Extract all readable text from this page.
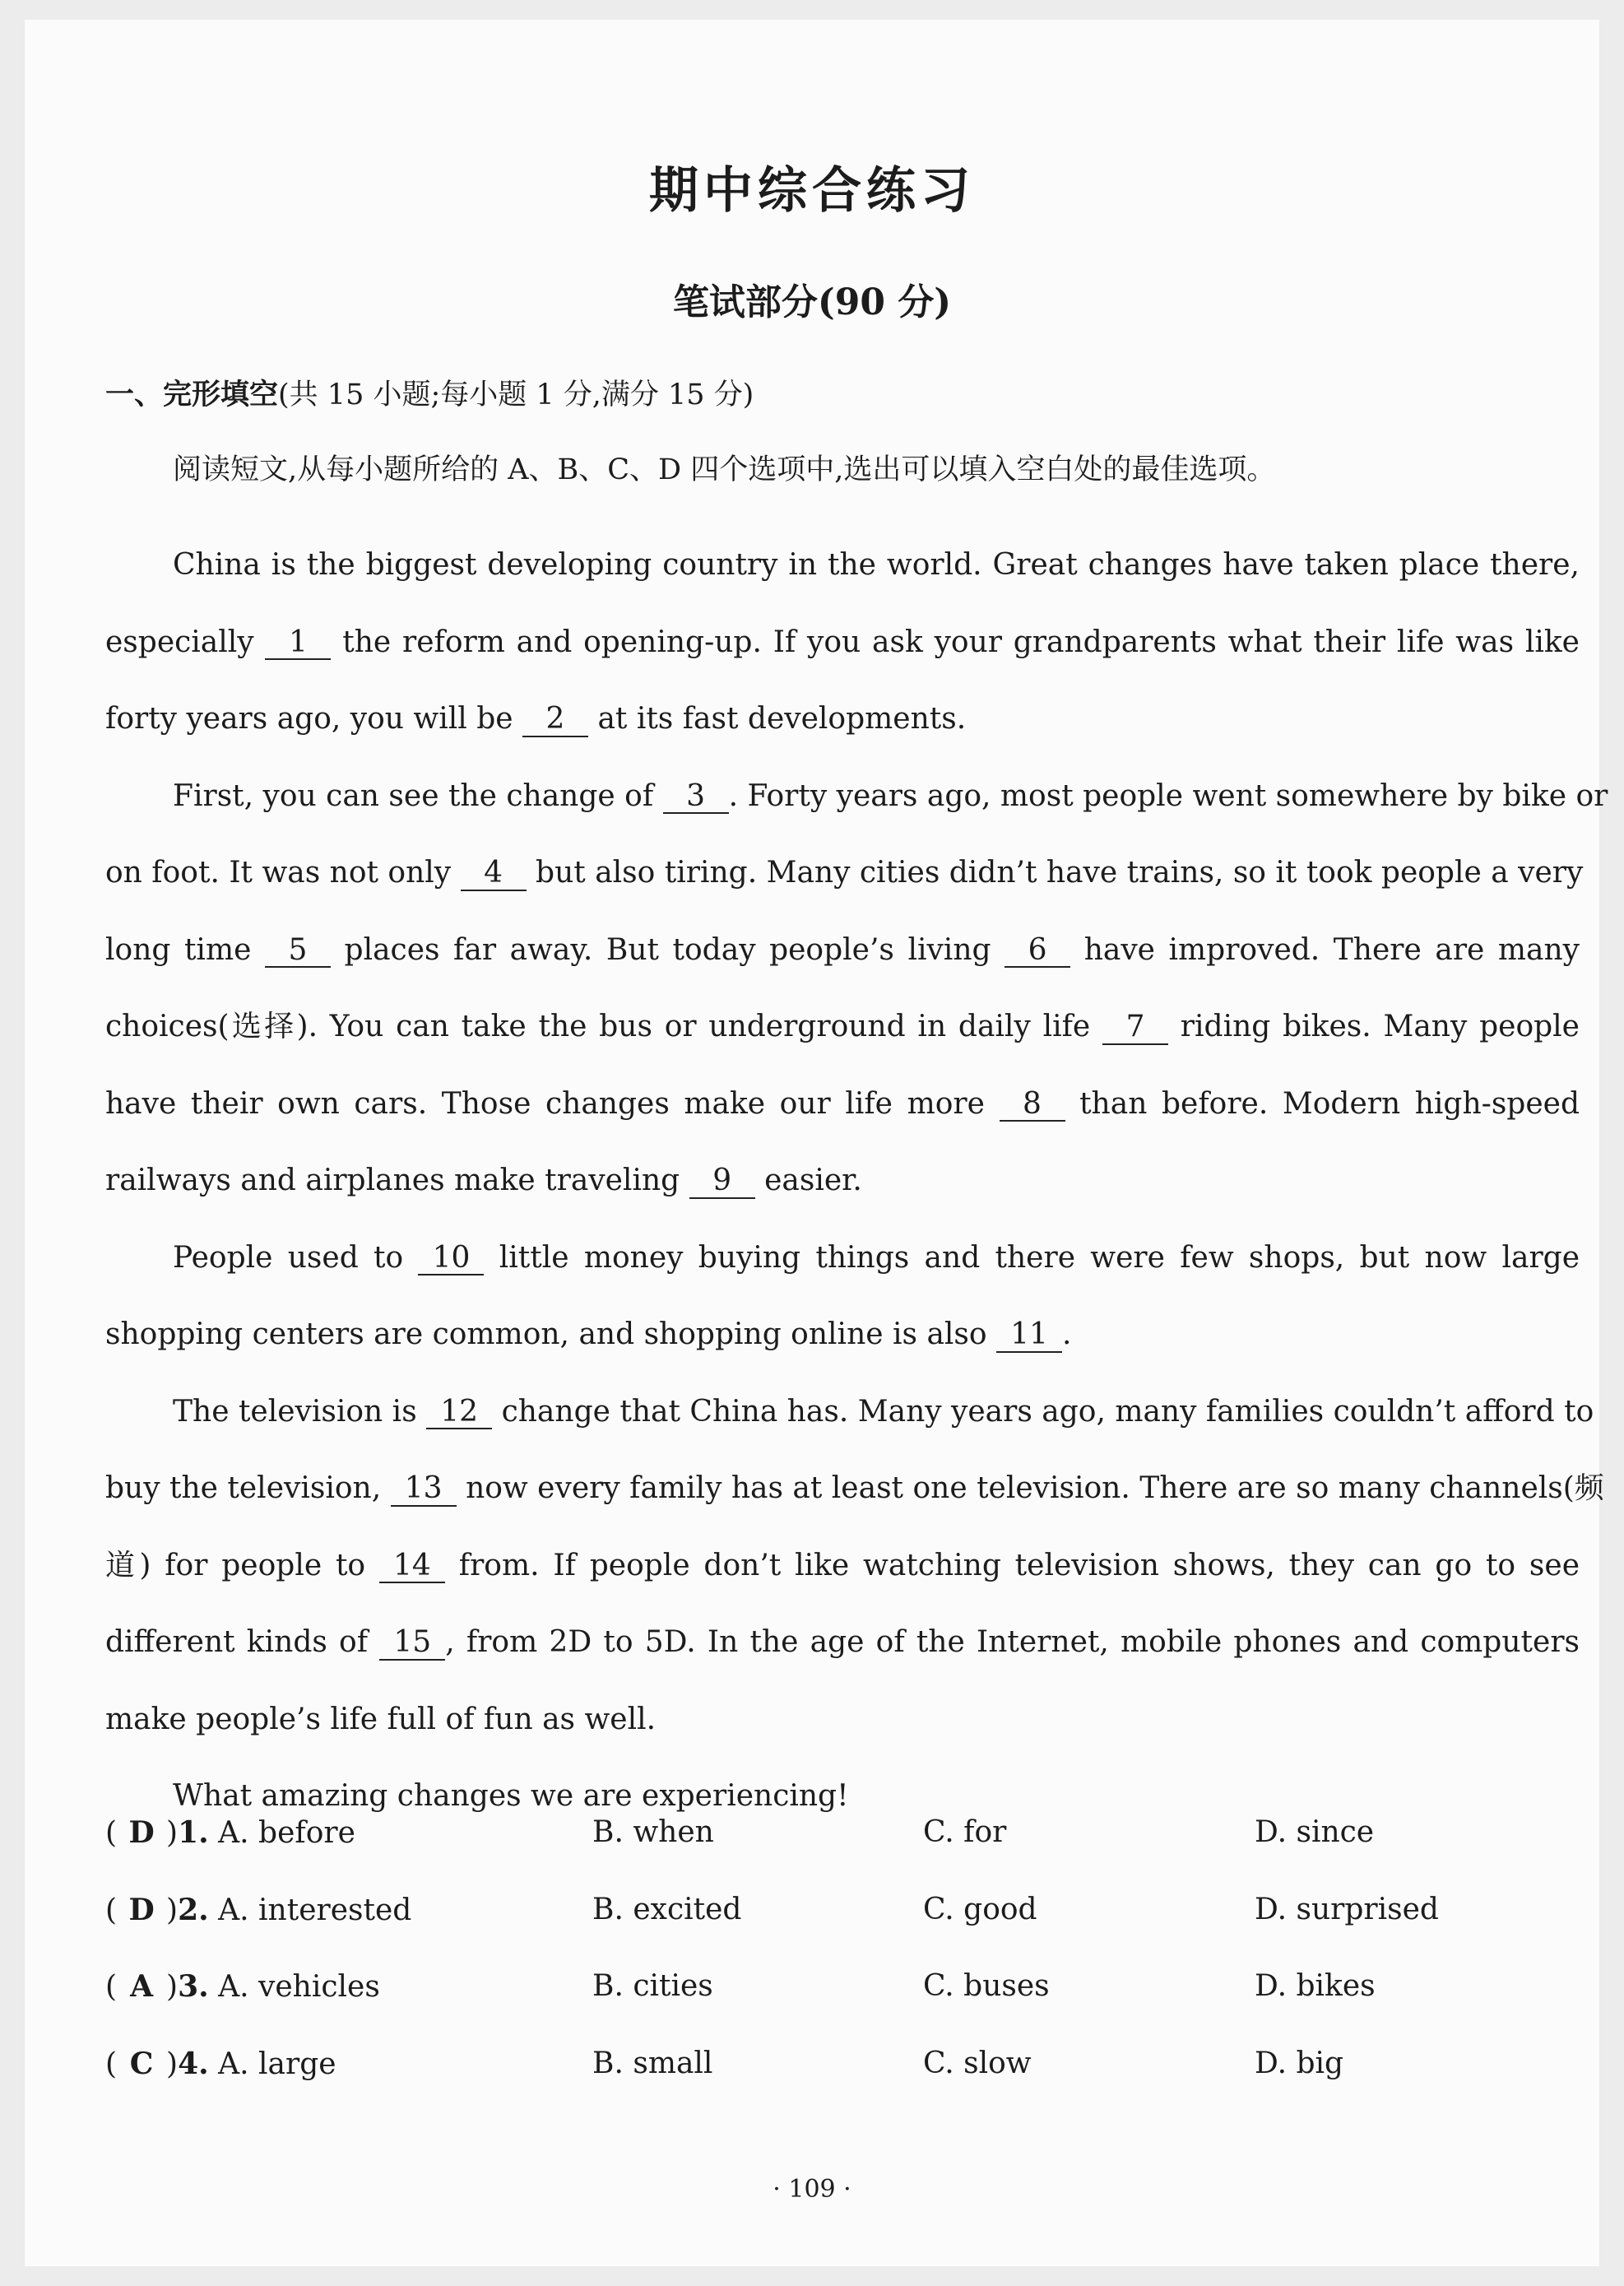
期中综合练习
笔试部分(90 分)
一、完形填空(共 15 小题;每小题 1 分,满分 15 分)
阅读短文,从每小题所给的 A、B、C、D 四个选项中,选出可以填入空白处的最佳选项。
China is the biggest developing country in the world. Great changes have taken place there,
especially 1 the reform and opening-up. If you ask your grandparents what their life was like
forty years ago, you will be 2 at its fast developments.
First, you can see the change of 3 . Forty years ago, most people went somewhere by bike or
on foot. It was not only 4 but also tiring. Many cities didn’t have trains, so it took people a very
long time 5 places far away. But today people’s living 6 have improved. There are many
choices(选择). You can take the bus or underground in daily life 7 riding bikes. Many people
have their own cars. Those changes make our life more 8 than before. Modern high-speed
railways and airplanes make traveling 9 easier.
People used to 10 little money buying things and there were few shops, but now large
shopping centers are common, and shopping online is also 11 .
The television is 12 change that China has. Many years ago, many families couldn’t afford to
buy the television, 13 now every family has at least one television. There are so many channels(频
道) for people to 14 from. If people don’t like watching television shows, they can go to see
different kinds of 15 , from 2D to 5D. In the age of the Internet, mobile phones and computers
make people’s life full of fun as well.
What amazing changes we are experiencing!
( D )1. A. before	B. when	C. for	D. since
( D )2. A. interested	B. excited	C. good	D. surprised
( A )3. A. vehicles	B. cities	C. buses	D. bikes
( C )4. A. large	B. small	C. slow	D. big
· 109 ·
